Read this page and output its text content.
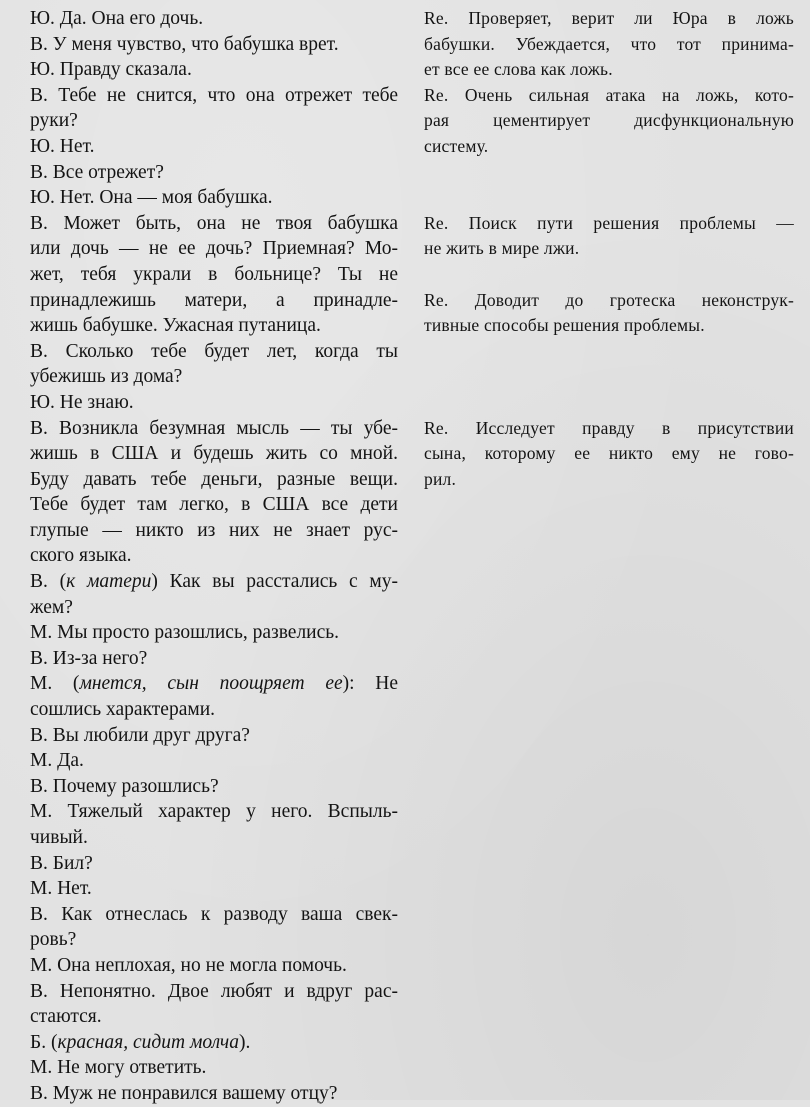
Ю. Да. Она его дочь.
В. У меня чувство, что бабушка врет.
Ю. Правду сказала.
В. Тебе не снится, что она отрежет тебе
руки?
Ю. Нет.
В. Все отрежет?
Ю. Нет. Она — моя бабушка.
В. Может быть, она не твоя бабушка
или дочь — не ее дочь? Приемная? Мо-
жет, тебя украли в больнице? Ты не
принадлежишь матери, а принадле-
жишь бабушке. Ужасная путаница.
В. Сколько тебе будет лет, когда ты
убежишь из дома?
Ю. Не знаю.
В. Возникла безумная мысль — ты убе-
жишь в США и будешь жить со мной.
Буду давать тебе деньги, разные вещи.
Тебе будет там легко, в США все дети
глупые — никто из них не знает рус-
ского языка.
В. (к матери) Как вы расстались с му-
жем?
М. Мы просто разошлись, развелись.
В. Из-за него?
М. (мнется, сын поощряет ее): Не
сошлись характерами.
В. Вы любили друг друга?
М. Да.
В. Почему разошлись?
М. Тяжелый характер у него. Вспыль-
чивый.
В. Бил?
М. Нет.
В. Как отнеслась к разводу ваша свек-
ровь?
М. Она неплохая, но не могла помочь.
В. Непонятно. Двое любят и вдруг рас-
стаются.
Б. (красная, сидит молча).
М. Не могу ответить.
В. Муж не понравился вашему отцу?
Re. Проверяет, верит ли Юра в ложь
бабушки. Убеждается, что тот принима-
ет все ее слова как ложь.
Re. Очень сильная атака на ложь, кото-
рая цементирует дисфункциональную
систему.
Re. Поиск пути решения проблемы —
не жить в мире лжи.
Re. Доводит до гротеска неконструк-
тивные способы решения проблемы.
Re. Исследует правду в присутствии
сына, которому ее никто ему не гово-
рил.
